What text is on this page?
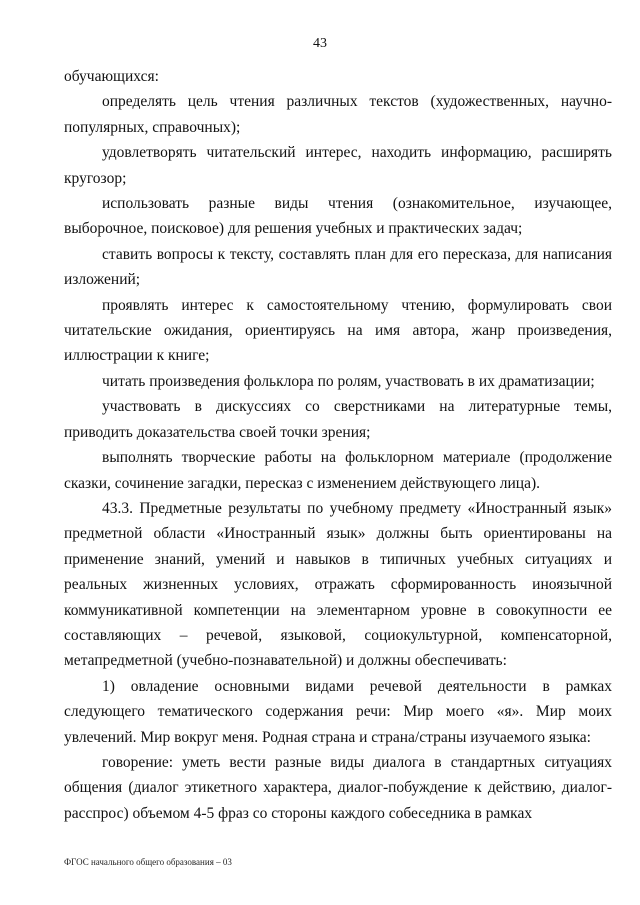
43

обучающихся:

определять цель чтения различных текстов (художественных, научно-популярных, справочных);

удовлетворять читательский интерес, находить информацию, расширять кругозор;

использовать разные виды чтения (ознакомительное, изучающее, выборочное, поисковое) для решения учебных и практических задач;

ставить вопросы к тексту, составлять план для его пересказа, для написания изложений;

проявлять интерес к самостоятельному чтению, формулировать свои читательские ожидания, ориентируясь на имя автора, жанр произведения, иллюстрации к книге;

читать произведения фольклора по ролям, участвовать в их драматизации;

участвовать в дискуссиях со сверстниками на литературные темы, приводить доказательства своей точки зрения;

выполнять творческие работы на фольклорном материале (продолжение сказки, сочинение загадки, пересказ с изменением действующего лица).

43.3. Предметные результаты по учебному предмету «Иностранный язык» предметной области «Иностранный язык» должны быть ориентированы на применение знаний, умений и навыков в типичных учебных ситуациях и реальных жизненных условиях, отражать сформированность иноязычной коммуникативной компетенции на элементарном уровне в совокупности ее составляющих – речевой, языковой, социокультурной, компенсаторной, метапредметной (учебно-познавательной) и должны обеспечивать:

1) овладение основными видами речевой деятельности в рамках следующего тематического содержания речи: Мир моего «я». Мир моих увлечений. Мир вокруг меня. Родная страна и страна/страны изучаемого языка:

говорение: уметь вести разные виды диалога в стандартных ситуациях общения (диалог этикетного характера, диалог-побуждение к действию, диалог-расспрос) объемом 4-5 фраз со стороны каждого собеседника в рамках

ФГОС начального общего образования – 03
